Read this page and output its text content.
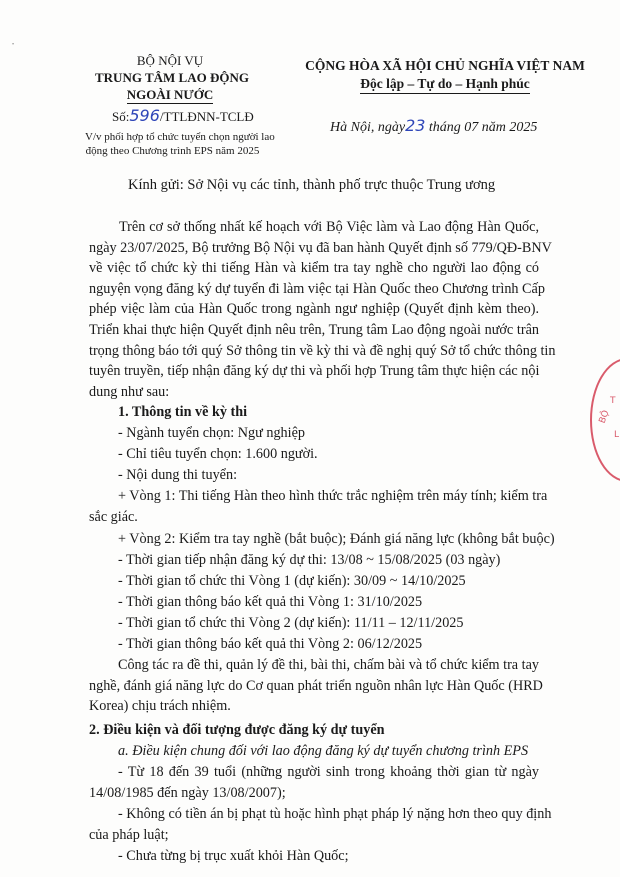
BỘ NỘI VỤ
TRUNG TÂM LAO ĐỘNG
NGOÀI NƯỚC
Số:596/TTLĐNN-TCLĐ
V/v phối hợp tổ chức tuyển chọn người lao
động theo Chương trình EPS năm 2025
CỘNG HÒA XÃ HỘI CHỦ NGHĨA VIỆT NAM
Độc lập – Tự do – Hạnh phúc
Hà Nội, ngày23 tháng 07 năm 2025
•
Kính gửi: Sở Nội vụ các tỉnh, thành phố trực thuộc Trung ương
Trên cơ sở thống nhất kế hoạch với Bộ Việc làm và Lao động Hàn Quốc,
ngày 23/07/2025, Bộ trưởng Bộ Nội vụ đã ban hành Quyết định số 779/QĐ-BNV
về việc tổ chức kỳ thi tiếng Hàn và kiểm tra tay nghề cho người lao động có
nguyện vọng đăng ký dự tuyển đi làm việc tại Hàn Quốc theo Chương trình Cấp
phép việc làm của Hàn Quốc trong ngành ngư nghiệp (Quyết định kèm theo).
Triển khai thực hiện Quyết định nêu trên, Trung tâm Lao động ngoài nước trân
trọng thông báo tới quý Sở thông tin về kỳ thi và đề nghị quý Sở tổ chức thông tin
tuyên truyền, tiếp nhận đăng ký dự thi và phối hợp Trung tâm thực hiện các nội
dung như sau:
1. Thông tin về kỳ thi
- Ngành tuyển chọn: Ngư nghiệp
- Chỉ tiêu tuyển chọn: 1.600 người.
- Nội dung thi tuyển:
+ Vòng 1: Thi tiếng Hàn theo hình thức trắc nghiệm trên máy tính; kiểm tra
sắc giác.
+ Vòng 2: Kiểm tra tay nghề (bắt buộc); Đánh giá năng lực (không bắt buộc)
- Thời gian tiếp nhận đăng ký dự thi: 13/08 ~ 15/08/2025 (03 ngày)
- Thời gian tổ chức thi Vòng 1 (dự kiến): 30/09 ~ 14/10/2025
- Thời gian thông báo kết quả thi Vòng 1: 31/10/2025
- Thời gian tổ chức thi Vòng 2 (dự kiến): 11/11 – 12/11/2025
- Thời gian thông báo kết quả thi Vòng 2: 06/12/2025
Công tác ra đề thi, quản lý đề thi, bài thi, chấm bài và tổ chức kiểm tra tay
nghề, đánh giá năng lực do Cơ quan phát triển nguồn nhân lực Hàn Quốc (HRD
Korea) chịu trách nhiệm.
2. Điều kiện và đối tượng được đăng ký dự tuyển
a. Điều kiện chung đối với lao động đăng ký dự tuyển chương trình EPS
- Từ 18 đến 39 tuổi (những người sinh trong khoảng thời gian từ ngày
14/08/1985 đến ngày 13/08/2007);
- Không có tiền án bị phạt tù hoặc hình phạt pháp lý nặng hơn theo quy định
của pháp luật;
- Chưa từng bị trục xuất khỏi Hàn Quốc;
BỘ
T
L
